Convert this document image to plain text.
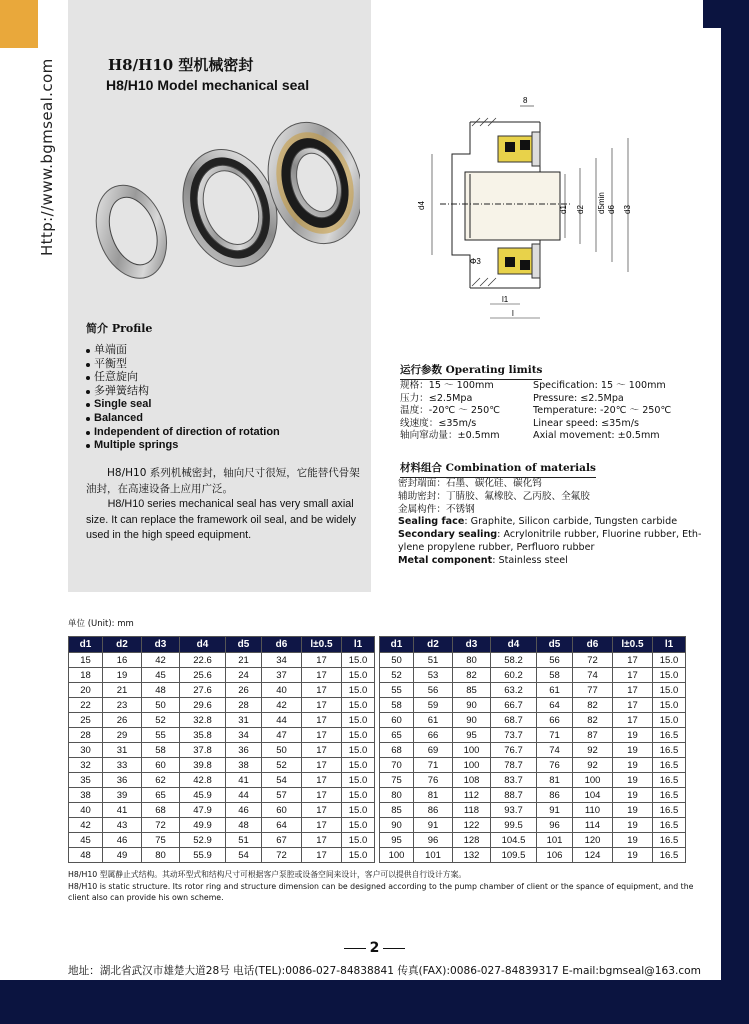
Http://www.bgmseal.com	H8/H10 型机械密封
H8/H10 Model mechanical seal
简介 Profile
单端面
平衡型
任意旋向
多弹簧结构
Single seal
Balanced
Independent of direction of rotation
Multiple springs
H8/H10 系列机械密封，轴向尺寸很短，它能替代骨架油封，在高速设备上应用广泛。
H8/H10 series mechanical seal has very small axial size. It can replace the framework oil seal, and be widely used in the high speed equipment.
8
d4	d1 d2 d5min d6 d3
Φ3
l1
l
运行参数 Operating limits
规格：15 ～ 100mm	Specification: 15 ～ 100mm
压力：≤2.5Mpa	Pressure: ≤2.5Mpa
温度：-20℃ ～ 250℃	Temperature: -20℃ ～ 250℃
线速度：≤35m/s	Linear speed: ≤35m/s
轴向窜动量：±0.5mm	Axial movement: ±0.5mm
材料组合 Combination of materials
密封端面：石墨、碳化硅、碳化钨
辅助密封：丁腈胶、氟橡胶、乙丙胶、全氟胶
金属构件：不锈钢
Sealing face: Graphite, Silicon carbide, Tungsten carbide
Secondary sealing: Acrylonitrile rubber, Fluorine rubber, Eth-
ylene propylene rubber, Perfluoro rubber
Metal component: Stainless steel
单位 (Unit): mm
d1	d2	d3	d4	d5	d6	l±0.5	l1		d1	d2	d3	d4	d5	d6	l±0.5	l1
15	16	42	22.6	21	34	17	15.0		50	51	80	58.2	56	72	17	15.0
18	19	45	25.6	24	37	17	15.0		52	53	82	60.2	58	74	17	15.0
20	21	48	27.6	26	40	17	15.0		55	56	85	63.2	61	77	17	15.0
22	23	50	29.6	28	42	17	15.0		58	59	90	66.7	64	82	17	15.0
25	26	52	32.8	31	44	17	15.0		60	61	90	68.7	66	82	17	15.0
28	29	55	35.8	34	47	17	15.0		65	66	95	73.7	71	87	19	16.5
30	31	58	37.8	36	50	17	15.0		68	69	100	76.7	74	92	19	16.5
32	33	60	39.8	38	52	17	15.0		70	71	100	78.7	76	92	19	16.5
35	36	62	42.8	41	54	17	15.0		75	76	108	83.7	81	100	19	16.5
38	39	65	45.9	44	57	17	15.0		80	81	112	88.7	86	104	19	16.5
40	41	68	47.9	46	60	17	15.0		85	86	118	93.7	91	110	19	16.5
42	43	72	49.9	48	64	17	15.0		90	91	122	99.5	96	114	19	16.5
45	46	75	52.9	51	67	17	15.0		95	96	128	104.5	101	120	19	16.5
48	49	80	55.9	54	72	17	15.0		100	101	132	109.5	106	124	19	16.5
H8/H10 型属静止式结构。其动环型式和结构尺寸可根据客户泵腔或设备空间来设计，客户可以提供自行设计方案。
H8/H10 is static structure. Its rotor ring and structure dimension can be designed according to the pump chamber of client or the spance of equipment, and the client also can provide his own scheme.
2
地址：湖北省武汉市雄楚大道28号 电话(TEL):0086-027-84838841 传真(FAX):0086-027-84839317 E-mail:bgmseal@163.com
